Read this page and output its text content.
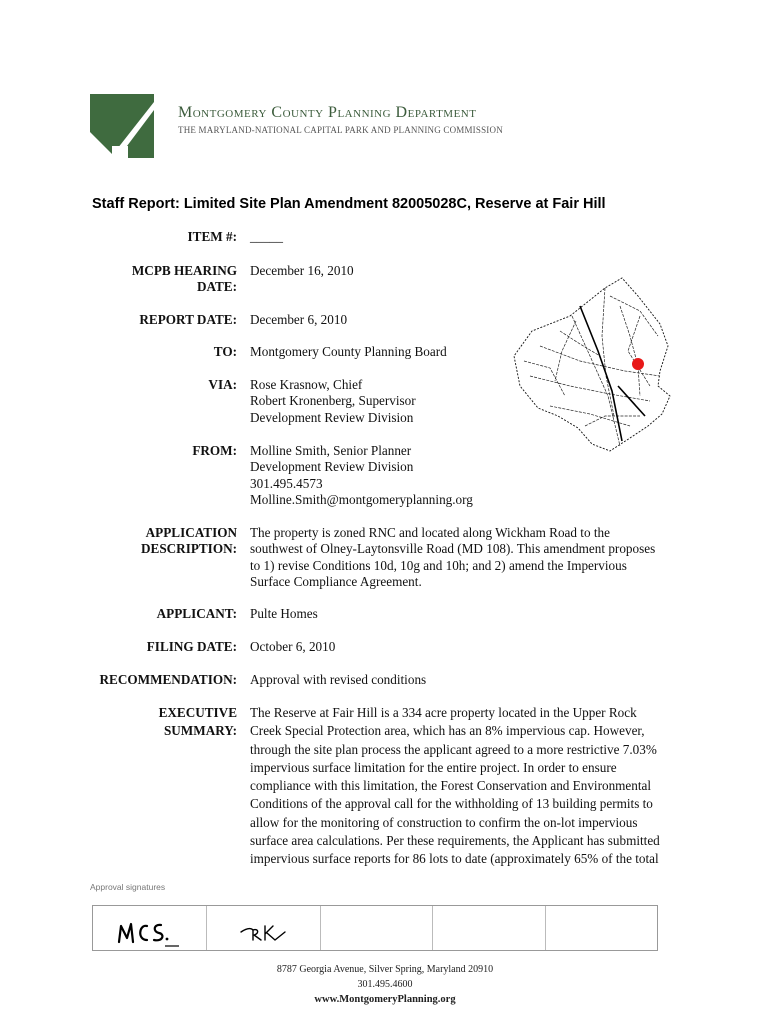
Montgomery County Planning Department
THE MARYLAND-NATIONAL CAPITAL PARK AND PLANNING COMMISSION
Staff Report: Limited Site Plan Amendment 82005028C, Reserve at Fair Hill
ITEM #: _____
MCPB HEARING
DATE:
December 16, 2010
REPORT DATE: December 6, 2010
TO: Montgomery County Planning Board
VIA: Rose Krasnow, Chief
Robert Kronenberg, Supervisor
Development Review Division
FROM: Molline Smith, Senior Planner
Development Review Division
301.495.4573
Molline.Smith@montgomeryplanning.org
APPLICATION
DESCRIPTION:
The property is zoned RNC and located along Wickham Road to the
southwest of Olney-Laytonsville Road (MD 108). This amendment proposes
to 1) revise Conditions 10d, 10g and 10h; and 2) amend the Impervious
Surface Compliance Agreement.
APPLICANT: Pulte Homes
FILING DATE: October 6, 2010
RECOMMENDATION: Approval with revised conditions
EXECUTIVE
SUMMARY:
The Reserve at Fair Hill is a 334 acre property located in the Upper Rock
Creek Special Protection area, which has an 8% impervious cap. However,
through the site plan process the applicant agreed to a more restrictive 7.03%
impervious surface limitation for the entire project. In order to ensure
compliance with this limitation, the Forest Conservation and Environmental
Conditions of the approval call for the withholding of 13 building permits to
allow for the monitoring of construction to confirm the on-lot impervious
surface area calculations. Per these requirements, the Applicant has submitted
impervious surface reports for 86 lots to date (approximately 65% of the total
Approval signatures
8787 Georgia Avenue, Silver Spring, Maryland 20910
301.495.4600
www.MontgomeryPlanning.org
